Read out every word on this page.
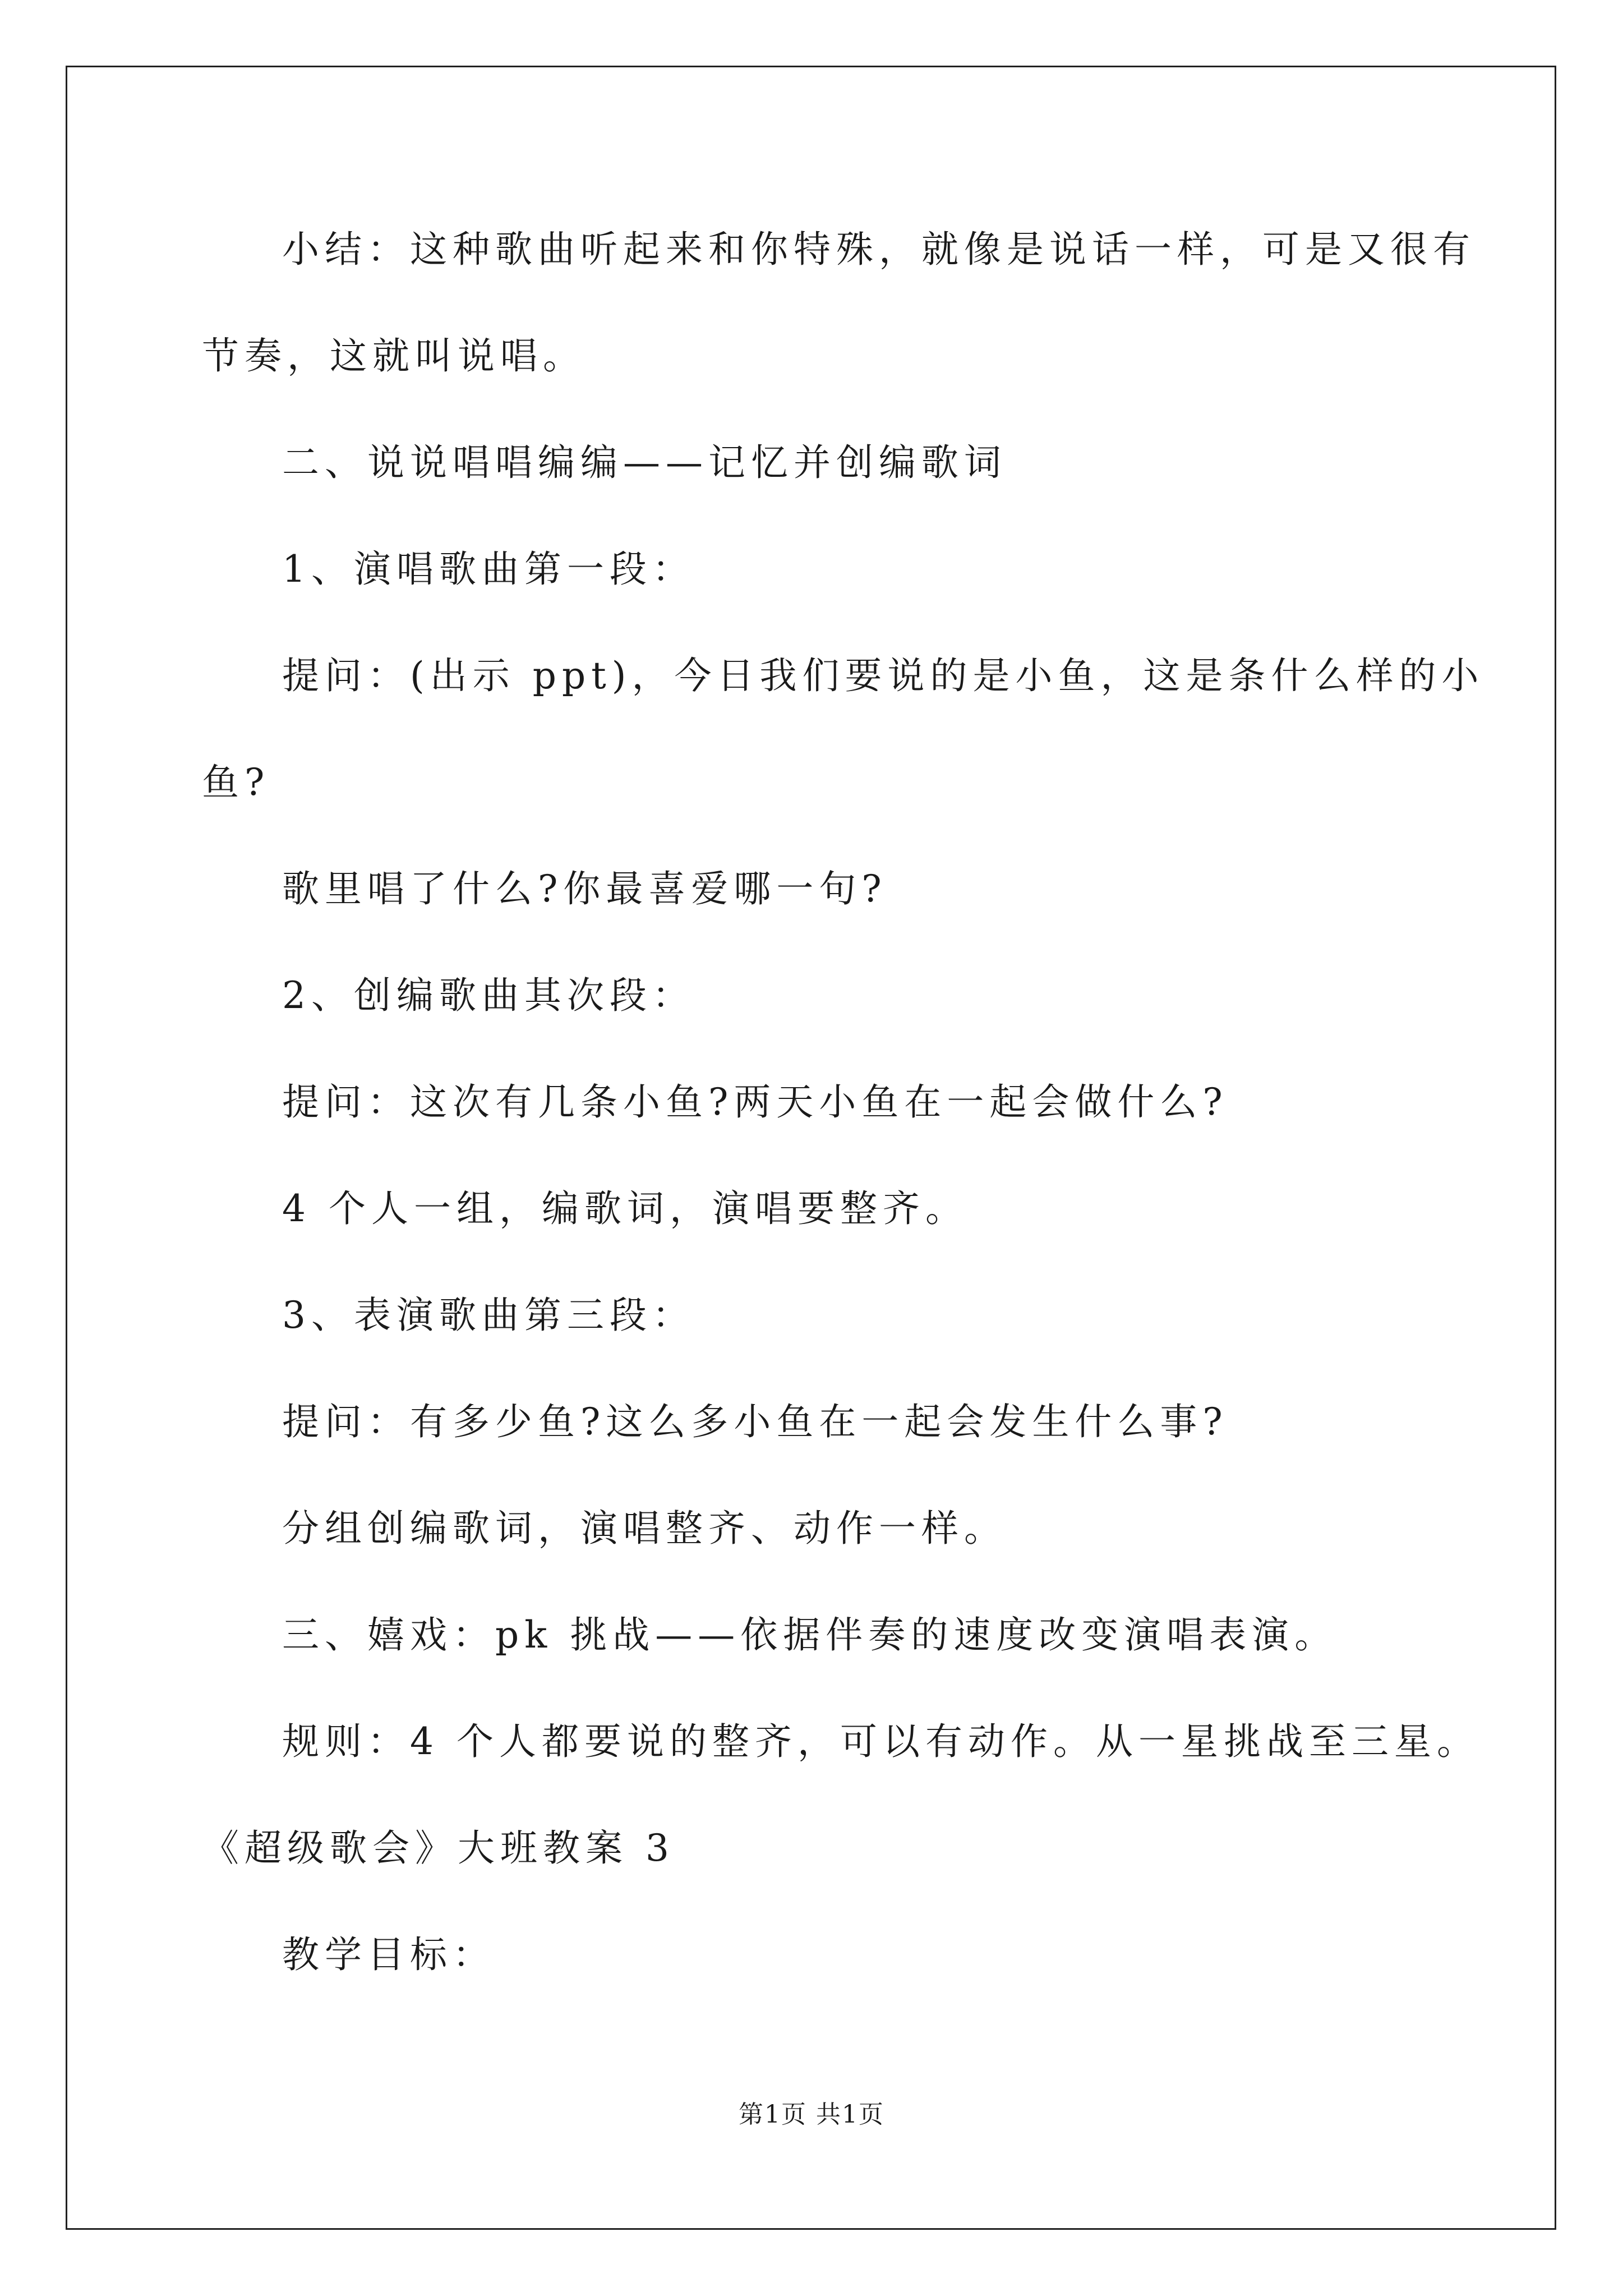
小结：这种歌曲听起来和你特殊，就像是说话一样，可是又很有
节奏，这就叫说唱。
二、说说唱唱编编——记忆并创编歌词
1、演唱歌曲第一段：
提问：(出示 ppt)，今日我们要说的是小鱼，这是条什么样的小
鱼?
歌里唱了什么?你最喜爱哪一句?
2、创编歌曲其次段：
提问：这次有几条小鱼?两天小鱼在一起会做什么?
4 个人一组，编歌词，演唱要整齐。
3、表演歌曲第三段：
提问：有多少鱼?这么多小鱼在一起会发生什么事?
分组创编歌词，演唱整齐、动作一样。
三、嬉戏：pk 挑战——依据伴奏的速度改变演唱表演。
规则：4 个人都要说的整齐，可以有动作。从一星挑战至三星。
《超级歌会》大班教案 3
教学目标：
第1页 共1页
